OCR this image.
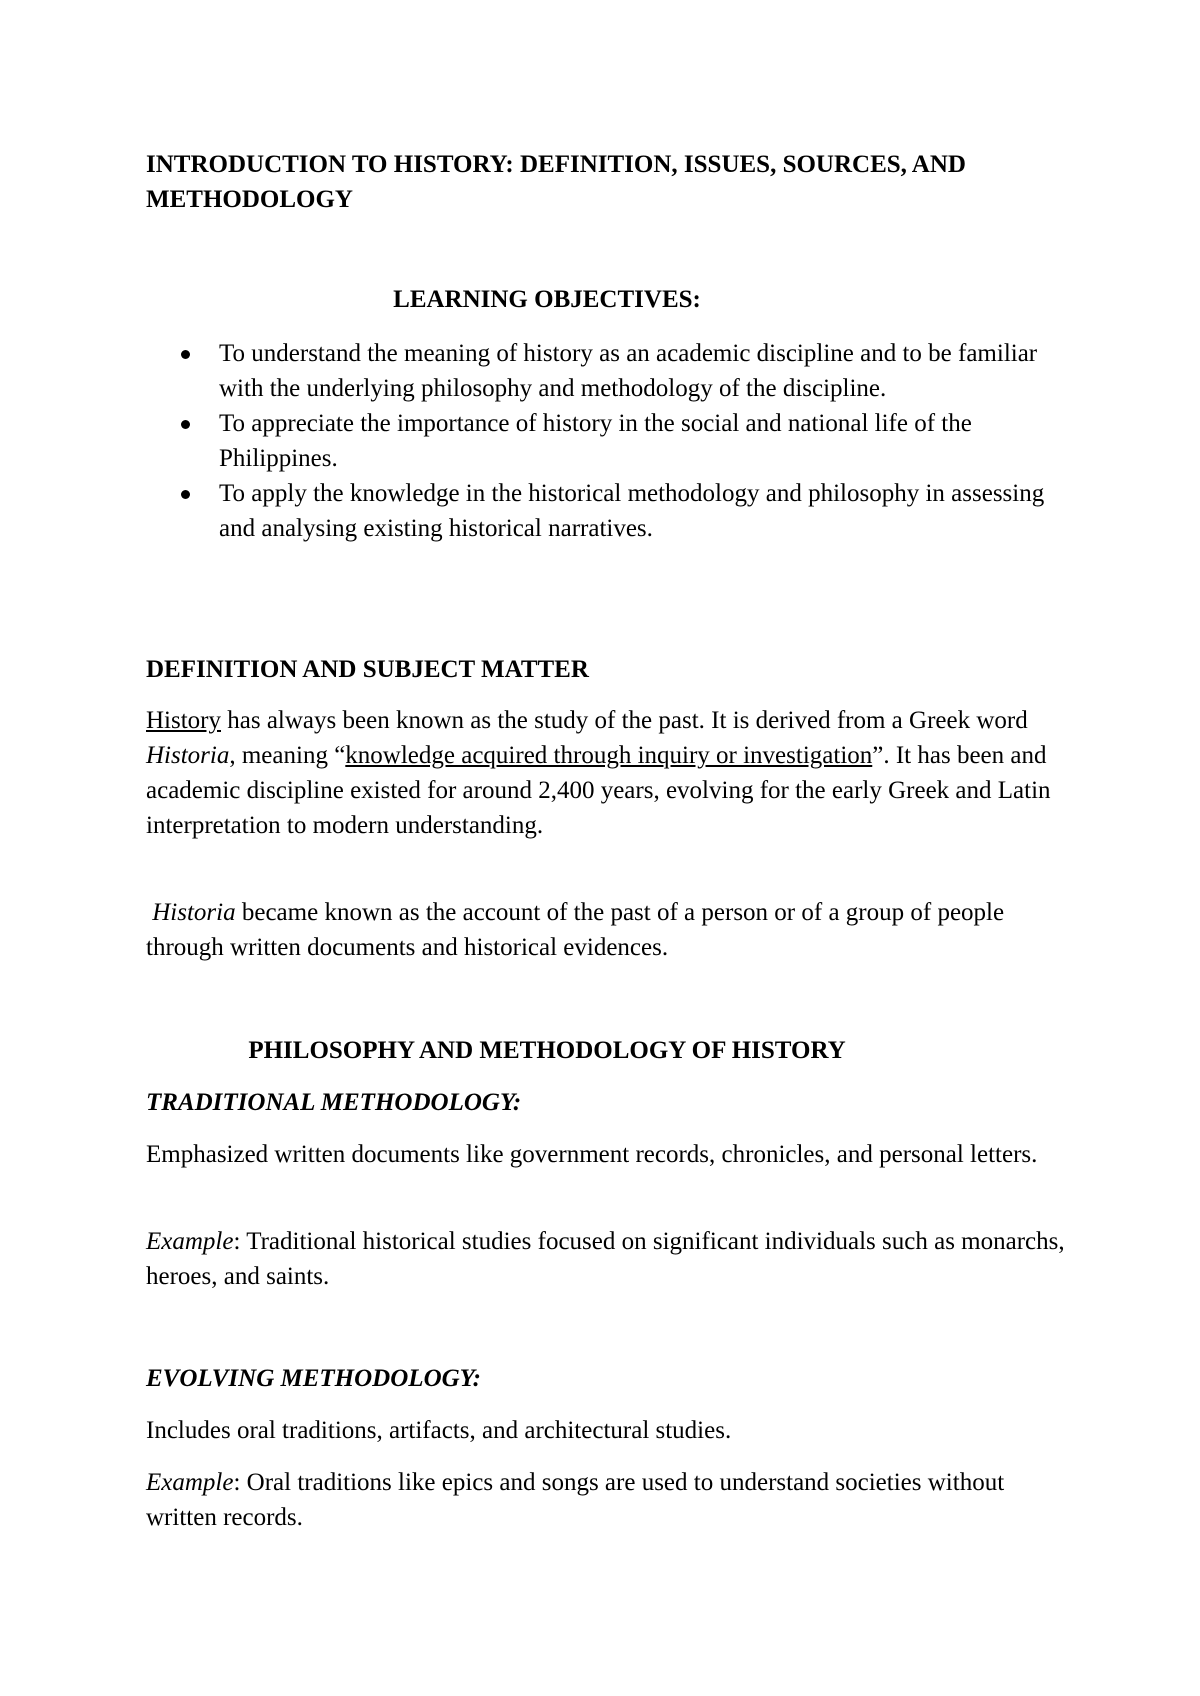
INTRODUCTION TO HISTORY: DEFINITION, ISSUES, SOURCES, AND METHODOLOGY
LEARNING OBJECTIVES:
To understand the meaning of history as an academic discipline and to be familiar with the underlying philosophy and methodology of the discipline.
To appreciate the importance of history in the social and national life of the Philippines.
To apply the knowledge in the historical methodology and philosophy in assessing and analysing existing historical narratives.
DEFINITION AND SUBJECT MATTER

History has always been known as the study of the past. It is derived from a Greek word Historia, meaning “knowledge acquired through inquiry or investigation”. It has been and academic discipline existed for around 2,400 years, evolving for the early Greek and Latin interpretation to modern understanding.

Historia became known as the account of the past of a person or of a group of people through written documents and historical evidences.

PHILOSOPHY AND METHODOLOGY OF HISTORY
TRADITIONAL METHODOLOGY:

Emphasized written documents like government records, chronicles, and personal letters.

Example: Traditional historical studies focused on significant individuals such as monarchs, heroes, and saints.

EVOLVING METHODOLOGY:

Includes oral traditions, artifacts, and architectural studies.

Example: Oral traditions like epics and songs are used to understand societies without written records.
